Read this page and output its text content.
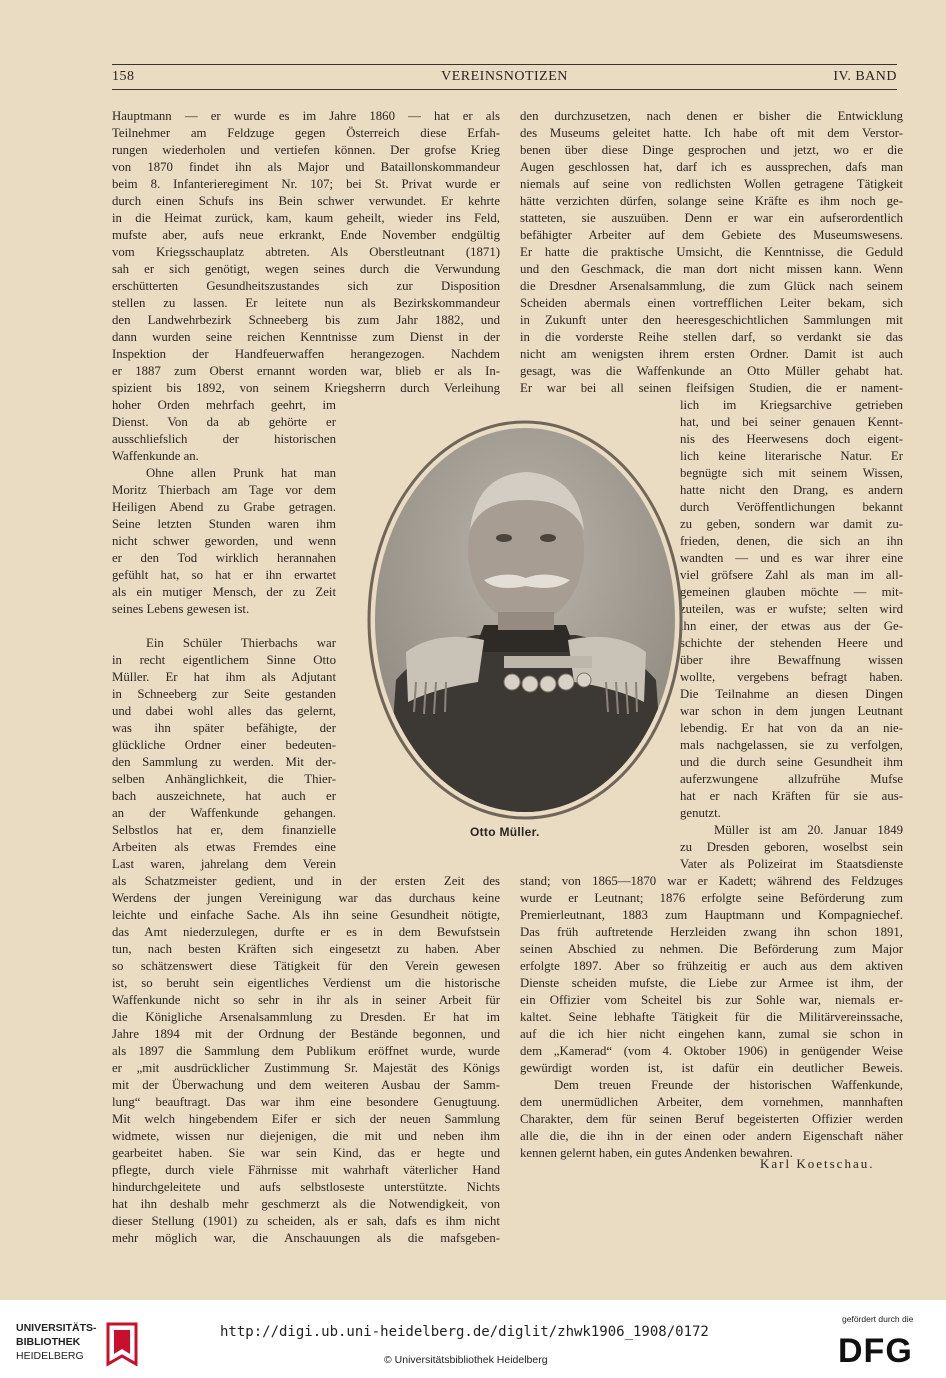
158	VEREINSNOTIZEN	IV. BAND
Hauptmann — er wurde es im Jahre 1860 — hat er als
Teilnehmer am Feldzuge gegen Österreich diese Erfah-
rungen wiederholen und vertiefen können. Der grofse Krieg
von 1870 findet ihn als Major und Bataillonskommandeur
beim 8. Infanterieregiment Nr. 107; bei St. Privat wurde er
durch einen Schufs ins Bein schwer verwundet. Er kehrte
in die Heimat zurück, kam, kaum geheilt, wieder ins Feld,
mufste aber, aufs neue erkrankt, Ende November endgültig
vom Kriegsschauplatz abtreten. Als Oberstleutnant (1871)
sah er sich genötigt, wegen seines durch die Verwundung
erschütterten Gesundheitszustandes sich zur Disposition
stellen zu lassen. Er leitete nun als Bezirkskommandeur
den Landwehrbezirk Schneeberg bis zum Jahr 1882, und
dann wurden seine reichen Kenntnisse zum Dienst in der
Inspektion der Handfeuerwaffen herangezogen. Nachdem
er 1887 zum Oberst ernannt worden war, blieb er als In-
spizient bis 1892, von seinem Kriegsherrn durch Verleihung
hoher Orden mehrfach geehrt, im
Dienst. Von da ab gehörte er
ausschliefslich der historischen
Waffenkunde an.
Ohne allen Prunk hat man
Moritz Thierbach am Tage vor dem
Heiligen Abend zu Grabe getragen.
Seine letzten Stunden waren ihm
nicht schwer geworden, und wenn
er den Tod wirklich herannahen
gefühlt hat, so hat er ihn erwartet
als ein mutiger Mensch, der zu Zeit
seines Lebens gewesen ist.

Ein Schüler Thierbachs war
in recht eigentlichem Sinne Otto
Müller. Er hat ihm als Adjutant
in Schneeberg zur Seite gestanden
und dabei wohl alles das gelernt,
was ihn später befähigte, der
glückliche Ordner einer bedeuten-
den Sammlung zu werden. Mit der-
selben Anhänglichkeit, die Thier-
bach auszeichnete, hat auch er
an der Waffenkunde gehangen.
Selbstlos hat er, dem finanzielle
Arbeiten als etwas Fremdes eine
Last waren, jahrelang dem Verein
als Schatzmeister gedient, und in der ersten Zeit des
Werdens der jungen Vereinigung war das durchaus keine
leichte und einfache Sache. Als ihn seine Gesundheit nötigte,
das Amt niederzulegen, durfte er es in dem Bewufstsein
tun, nach besten Kräften sich eingesetzt zu haben. Aber
so schätzenswert diese Tätigkeit für den Verein gewesen
ist, so beruht sein eigentliches Verdienst um die historische
Waffenkunde nicht so sehr in ihr als in seiner Arbeit für
die Königliche Arsenalsammlung zu Dresden. Er hat im
Jahre 1894 mit der Ordnung der Bestände begonnen, und
als 1897 die Sammlung dem Publikum eröffnet wurde, wurde
er „mit ausdrücklicher Zustimmung Sr. Majestät des Königs
mit der Überwachung und dem weiteren Ausbau der Samm-
lung“ beauftragt. Das war ihm eine besondere Genugtuung.
Mit welch hingebendem Eifer er sich der neuen Sammlung
widmete, wissen nur diejenigen, die mit und neben ihm
gearbeitet haben. Sie war sein Kind, das er hegte und
pflegte, durch viele Fährnisse mit wahrhaft väterlicher Hand
hindurchgeleitete und aufs selbstloseste unterstützte. Nichts
hat ihn deshalb mehr geschmerzt als die Notwendigkeit, von
dieser Stellung (1901) zu scheiden, als er sah, dafs es ihm nicht
mehr möglich war, die Anschauungen als die mafsgeben-
den durchzusetzen, nach denen er bisher die Entwicklung
des Museums geleitet hatte. Ich habe oft mit dem Verstor-
benen über diese Dinge gesprochen und jetzt, wo er die
Augen geschlossen hat, darf ich es aussprechen, dafs man
niemals auf seine von redlichsten Wollen getragene Tätigkeit
hätte verzichten dürfen, solange seine Kräfte es ihm noch ge-
statteten, sie auszuüben. Denn er war ein aufserordentlich
befähigter Arbeiter auf dem Gebiete des Museumswesens.
Er hatte die praktische Umsicht, die Kenntnisse, die Geduld
und den Geschmack, die man dort nicht missen kann. Wenn
die Dresdner Arsenalsammlung, die zum Glück nach seinem
Scheiden abermals einen vortrefflichen Leiter bekam, sich
in Zukunft unter den heeresgeschichtlichen Sammlungen mit
in die vorderste Reihe stellen darf, so verdankt sie das
nicht am wenigsten ihrem ersten Ordner. Damit ist auch
gesagt, was die Waffenkunde an Otto Müller gehabt hat.
Er war bei all seinen fleifsigen Studien, die er nament-
lich im Kriegsarchive getrieben
hat, und bei seiner genauen Kennt-
nis des Heerwesens doch eigent-
lich keine literarische Natur. Er
begnügte sich mit seinem Wissen,
hatte nicht den Drang, es andern
durch Veröffentlichungen bekannt
zu geben, sondern war damit zu-
frieden, denen, die sich an ihn
wandten — und es war ihrer eine
viel gröfsere Zahl als man im all-
gemeinen glauben möchte — mit-
zuteilen, was er wufste; selten wird
ihn einer, der etwas aus der Ge-
schichte der stehenden Heere und
über ihre Bewaffnung wissen
wollte, vergebens befragt haben.
Die Teilnahme an diesen Dingen
war schon in dem jungen Leutnant
lebendig. Er hat von da an nie-
mals nachgelassen, sie zu verfolgen,
und die durch seine Gesundheit ihm
auferzwungene allzufrühe Mufse
hat er nach Kräften für sie aus-
genutzt.
Müller ist am 20. Januar 1849
zu Dresden geboren, woselbst sein
Vater als Polizeirat im Staatsdienste
stand; von 1865—1870 war er Kadett; während des Feldzuges
wurde er Leutnant; 1876 erfolgte seine Beförderung zum
Premierleutnant, 1883 zum Hauptmann und Kompagniechef.
Das früh auftretende Herzleiden zwang ihn schon 1891,
seinen Abschied zu nehmen. Die Beförderung zum Major
erfolgte 1897. Aber so frühzeitig er auch aus dem aktiven
Dienste scheiden mufste, die Liebe zur Armee ist ihm, der
ein Offizier vom Scheitel bis zur Sohle war, niemals er-
kaltet. Seine lebhafte Tätigkeit für die Militärvereinssache,
auf die ich hier nicht eingehen kann, zumal sie schon in
dem „Kamerad“ (vom 4. Oktober 1906) in genügender Weise
gewürdigt worden ist, ist dafür ein deutlicher Beweis.
Dem treuen Freunde der historischen Waffenkunde,
dem unermüdlichen Arbeiter, dem vornehmen, mannhaften
Charakter, dem für seinen Beruf begeisterten Offizier werden
alle die, die ihn in der einen oder andern Eigenschaft näher
kennen gelernt haben, ein gutes Andenken bewahren.
Otto Müller.
Karl Koetschau.
UNIVERSITÄTS-
BIBLIOTHEK
HEIDELBERG
http://digi.ub.uni-heidelberg.de/diglit/zhwk1906_1908/0172
© Universitätsbibliothek Heidelberg
gefördert durch die
DFG
